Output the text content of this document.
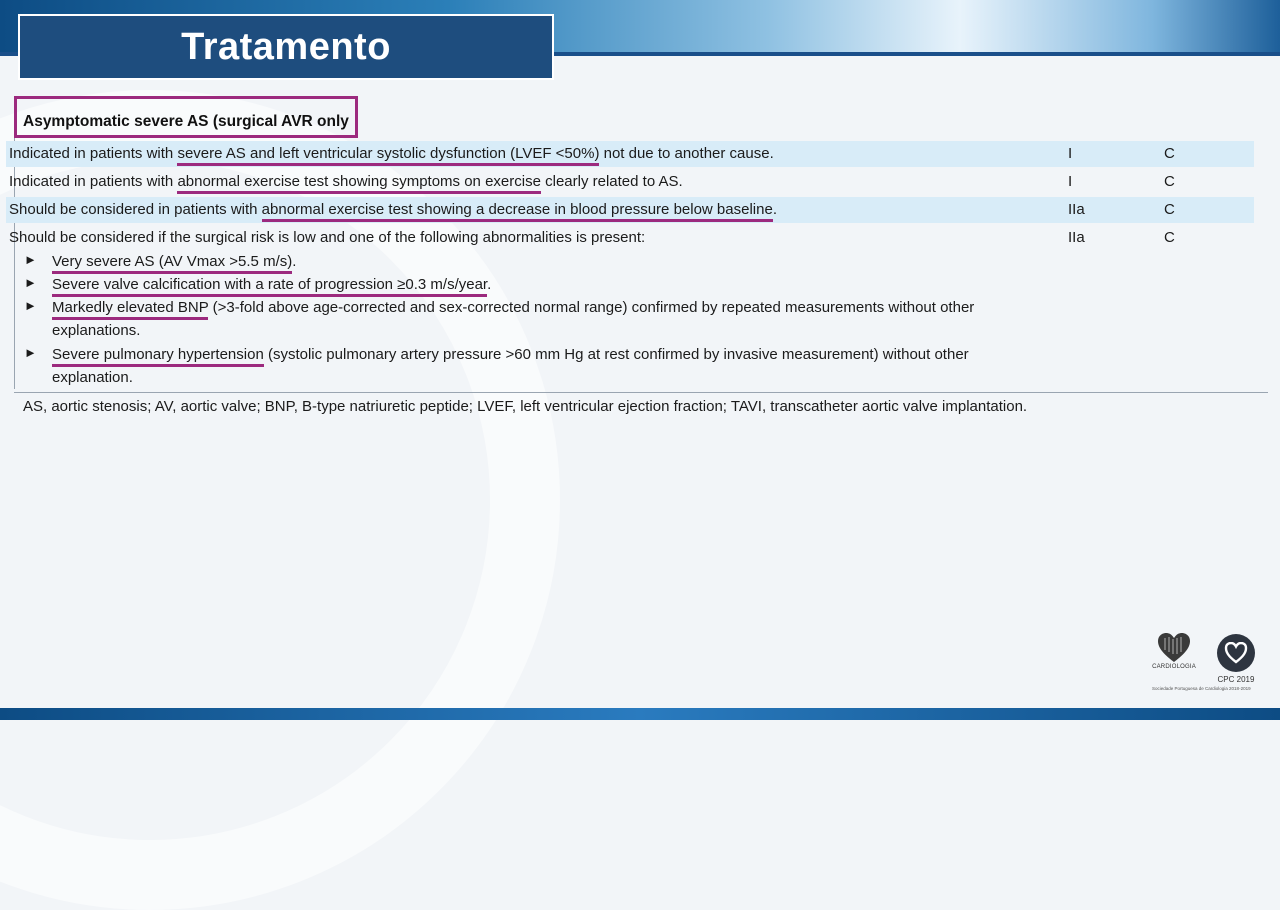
Tratamento
Asymptomatic severe AS (surgical AVR only
Indicated in patients with severe AS and left ventricular systolic dysfunction (LVEF <50%) not due to another cause.	I	C
Indicated in patients with abnormal exercise test showing symptoms on exercise clearly related to AS.	I	C
Should be considered in patients with abnormal exercise test showing a decrease in blood pressure below baseline.	IIa	C
Should be considered if the surgical risk is low and one of the following abnormalities is present:	IIa	C
►	Very severe AS (AV Vmax >5.5 m/s).
►	Severe valve calcification with a rate of progression ≥0.3 m/s/year.
►	Markedly elevated BNP (>3-fold above age-corrected and sex-corrected normal range) confirmed by repeated measurements without other explanations.
►	Severe pulmonary hypertension (systolic pulmonary artery pressure >60 mm Hg at rest confirmed by invasive measurement) without other explanation.
AS, aortic stenosis; AV, aortic valve; BNP, B-type natriuretic peptide; LVEF, left ventricular ejection fraction; TAVI, transcatheter aortic valve implantation.
CARDIOLOGIA
CPC 2019
Sociedade Portuguesa de Cardiologia 2018-2019
